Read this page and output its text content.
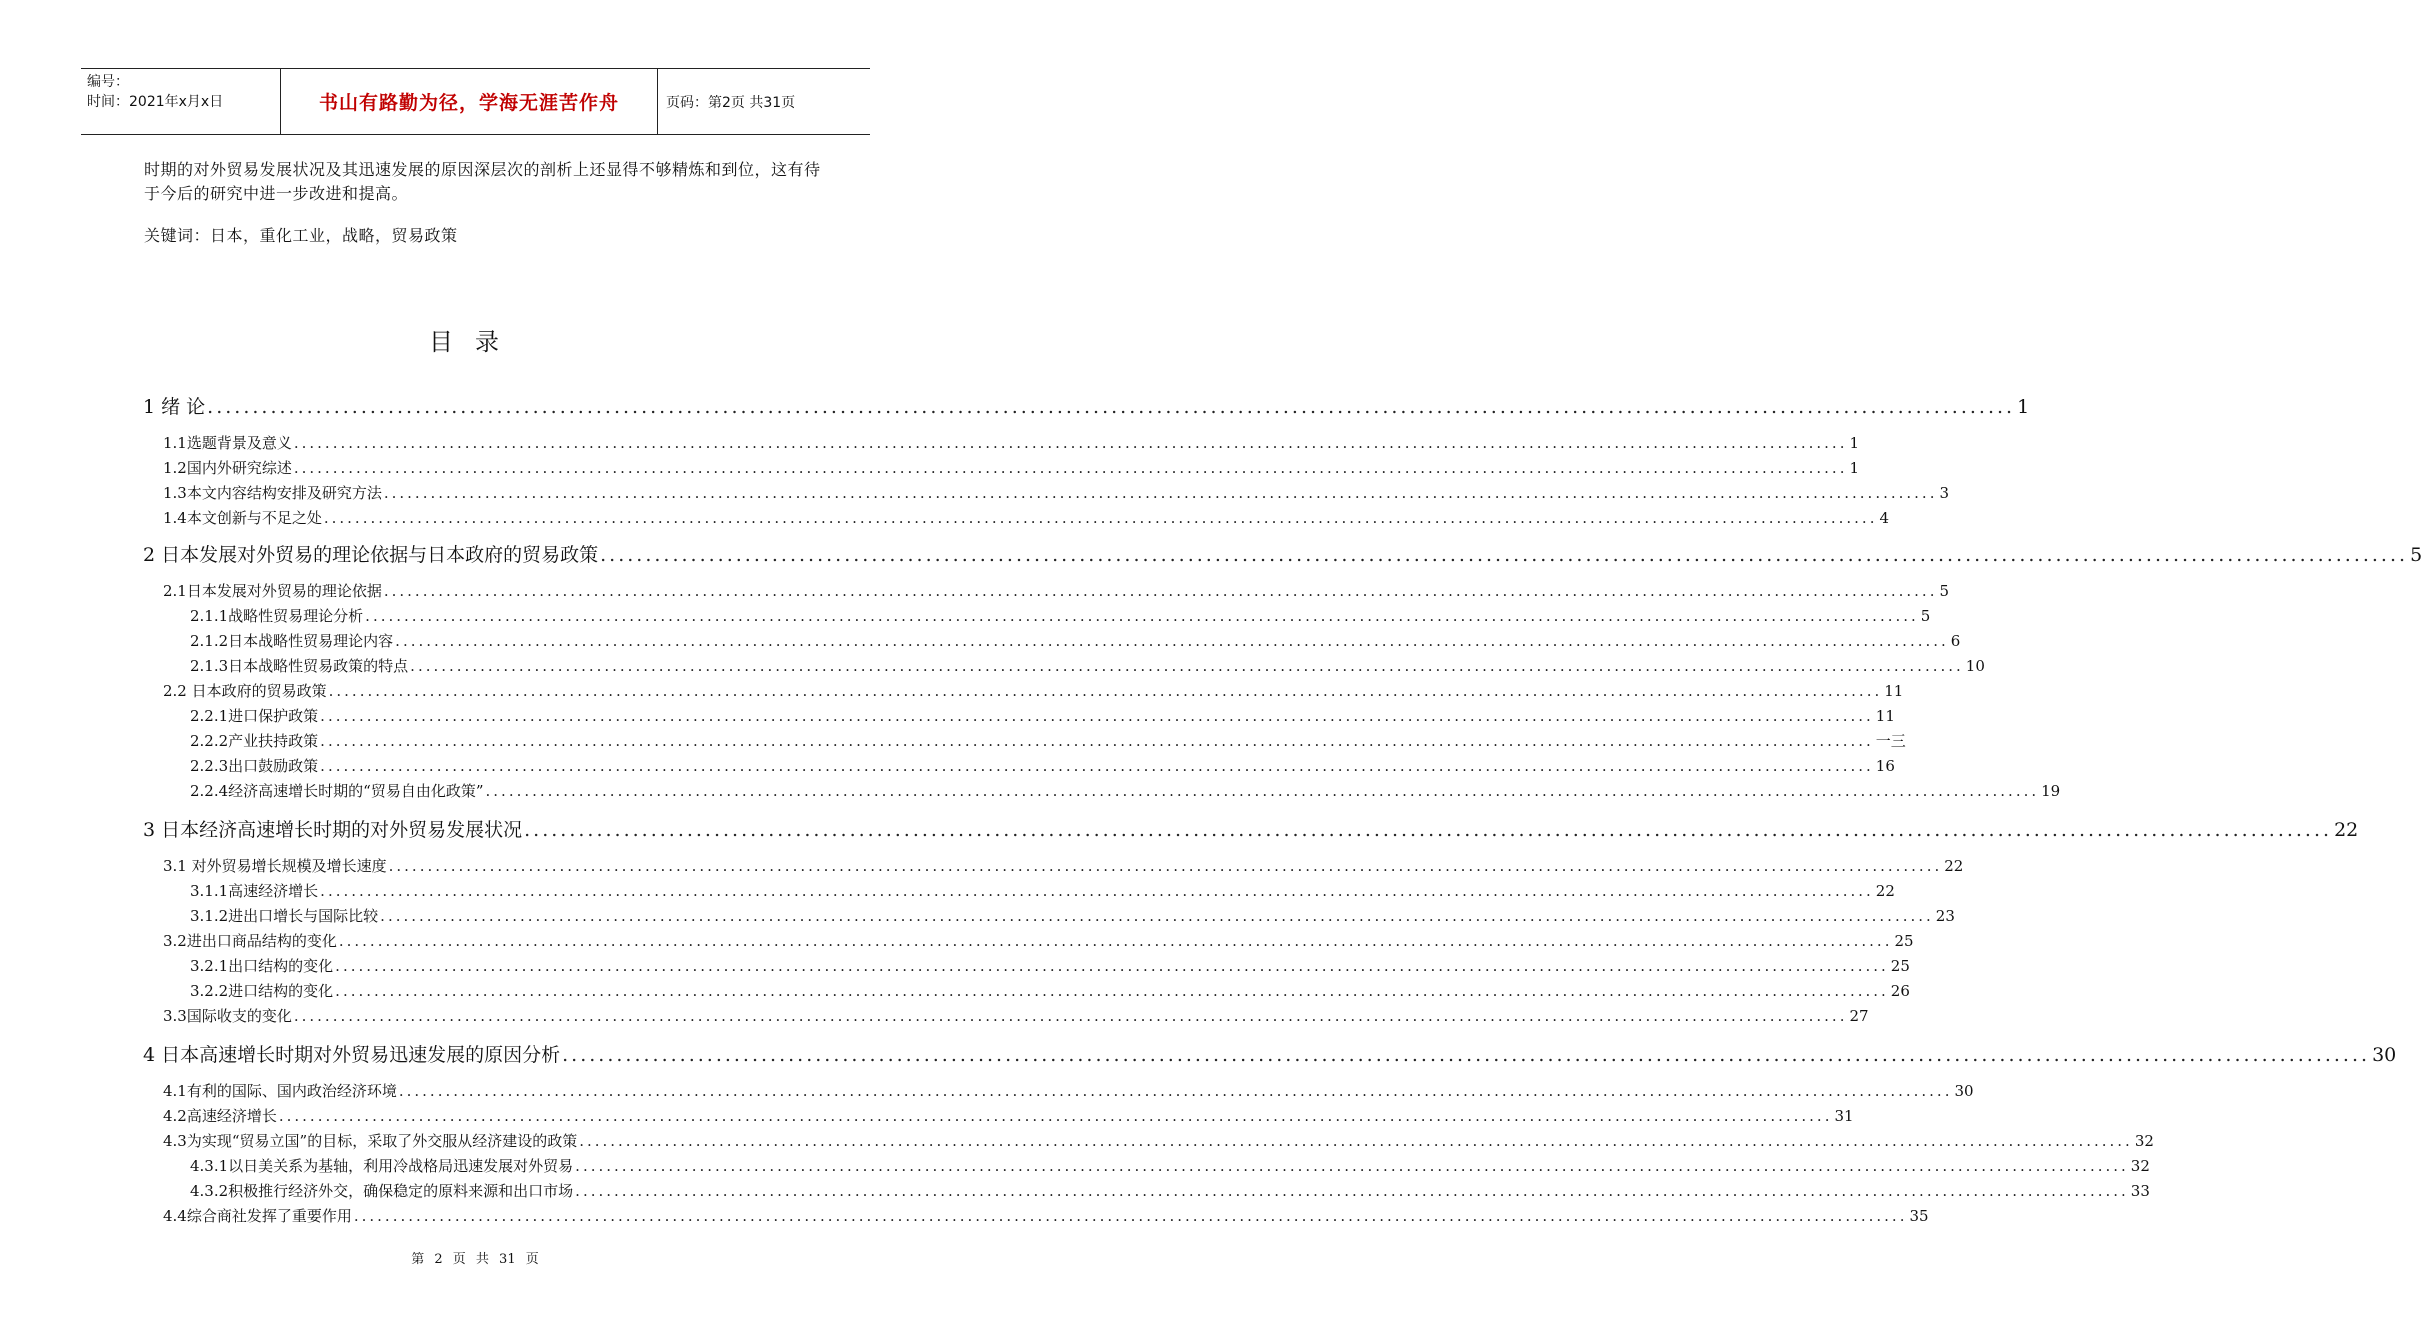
编号：
时间：2021年x月x日	书山有路勤为径，学海无涯苦作舟	页码：第2页 共31页
时期的对外贸易发展状况及其迅速发展的原因深层次的剖析上还显得不够精炼和到位，这有待于今后的研究中进一步改进和提高。
关键词：日本，重化工业，战略，贸易政策
目录
1 绪 论 ........................................................................................................................................................................................................ 1
1.1选题背景及意义 ........................................................................................................................................................................................................ 1
1.2国内外研究综述 ........................................................................................................................................................................................................ 1
1.3本文内容结构安排及研究方法 ........................................................................................................................................................................................................ 3
1.4本文创新与不足之处 ........................................................................................................................................................................................................ 4
2 日本发展对外贸易的理论依据与日本政府的贸易政策 ........................................................................................................................................................................................................ 5
2.1日本发展对外贸易的理论依据 ........................................................................................................................................................................................................ 5
2.1.1战略性贸易理论分析 ........................................................................................................................................................................................................ 5
2.1.2日本战略性贸易理论内容 ........................................................................................................................................................................................................ 6
2.1.3日本战略性贸易政策的特点 ........................................................................................................................................................................................................ 10
2.2 日本政府的贸易政策 ........................................................................................................................................................................................................ 11
2.2.1进口保护政策 ........................................................................................................................................................................................................ 11
2.2.2产业扶持政策 ........................................................................................................................................................................................................ 一三
2.2.3出口鼓励政策 ........................................................................................................................................................................................................ 16
2.2.4经济高速增长时期的“贸易自由化政策” ........................................................................................................................................................................................................ 19
3 日本经济高速增长时期的对外贸易发展状况 ........................................................................................................................................................................................................ 22
3.1 对外贸易增长规模及增长速度 ........................................................................................................................................................................................................ 22
3.1.1高速经济增长 ........................................................................................................................................................................................................ 22
3.1.2进出口增长与国际比较 ........................................................................................................................................................................................................ 23
3.2进出口商品结构的变化 ........................................................................................................................................................................................................ 25
3.2.1出口结构的变化 ........................................................................................................................................................................................................ 25
3.2.2进口结构的变化 ........................................................................................................................................................................................................ 26
3.3国际收支的变化 ........................................................................................................................................................................................................ 27
4 日本高速增长时期对外贸易迅速发展的原因分析 ........................................................................................................................................................................................................ 30
4.1有利的国际、国内政治经济环境 ........................................................................................................................................................................................................ 30
4.2高速经济增长 ........................................................................................................................................................................................................ 31
4.3为实现“贸易立国”的目标，采取了外交服从经济建设的政策 ........................................................................................................................................................................................................ 32
4.3.1以日美关系为基轴，利用冷战格局迅速发展对外贸易 ........................................................................................................................................................................................................ 32
4.3.2积极推行经济外交，确保稳定的原料来源和出口市场 ........................................................................................................................................................................................................ 33
4.4综合商社发挥了重要作用 ........................................................................................................................................................................................................ 35
第 2 页 共 31 页
